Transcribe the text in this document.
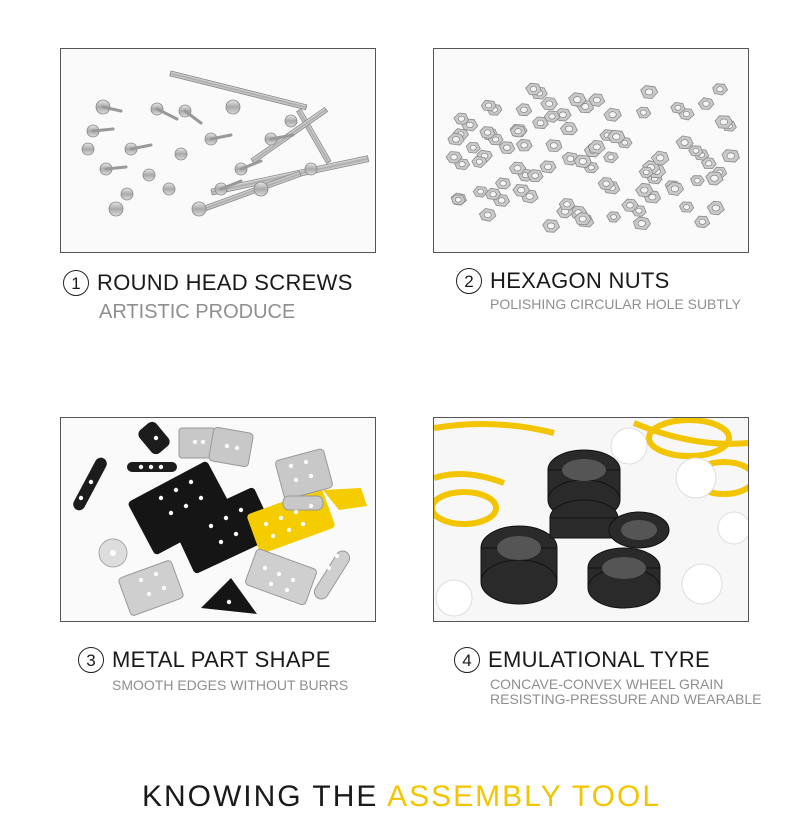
1 ROUND HEAD SCREWS
ARTISTIC PRODUCE
2 HEXAGON NUTS
POLISHING CIRCULAR HOLE SUBTLY
3 METAL PART SHAPE
SMOOTH EDGES WITHOUT BURRS
4 EMULATIONAL TYRE
CONCAVE-CONVEX WHEEL GRAIN
RESISTING-PRESSURE AND WEARABLE
KNOWING THE ASSEMBLY TOOL
